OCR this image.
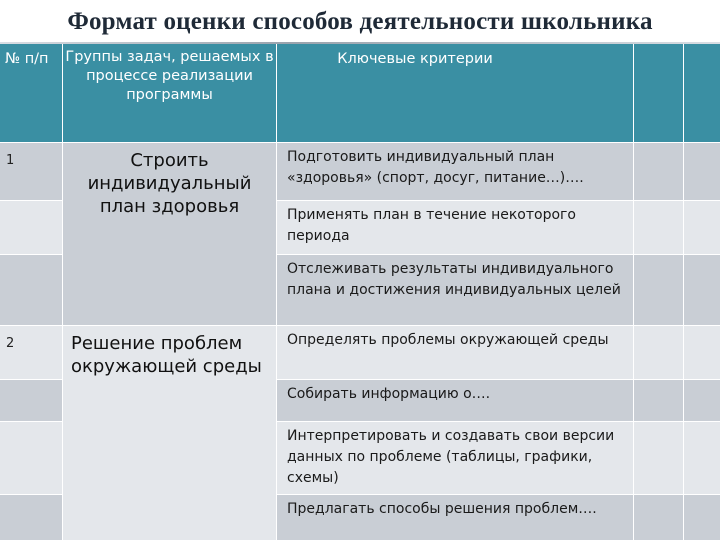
Формат оценки способов деятельности школьника
№ п/п	Группы задач, решаемых в процессе реализации программы
Ключевые критерии
1
2
Строить индивидуальный план здоровья
Решение проблем окружающей среды
Подготовить индивидуальный план «здоровья» (спорт, досуг, питание…)….
Применять план в течение некоторого периода
Отслеживать результаты индивидуального плана и достижения индивидуальных целей
Определять проблемы окружающей среды
Собирать информацию о….
Интерпретировать и создавать свои версии данных по проблеме (таблицы, графики, схемы)
Предлагать способы решения проблем….
